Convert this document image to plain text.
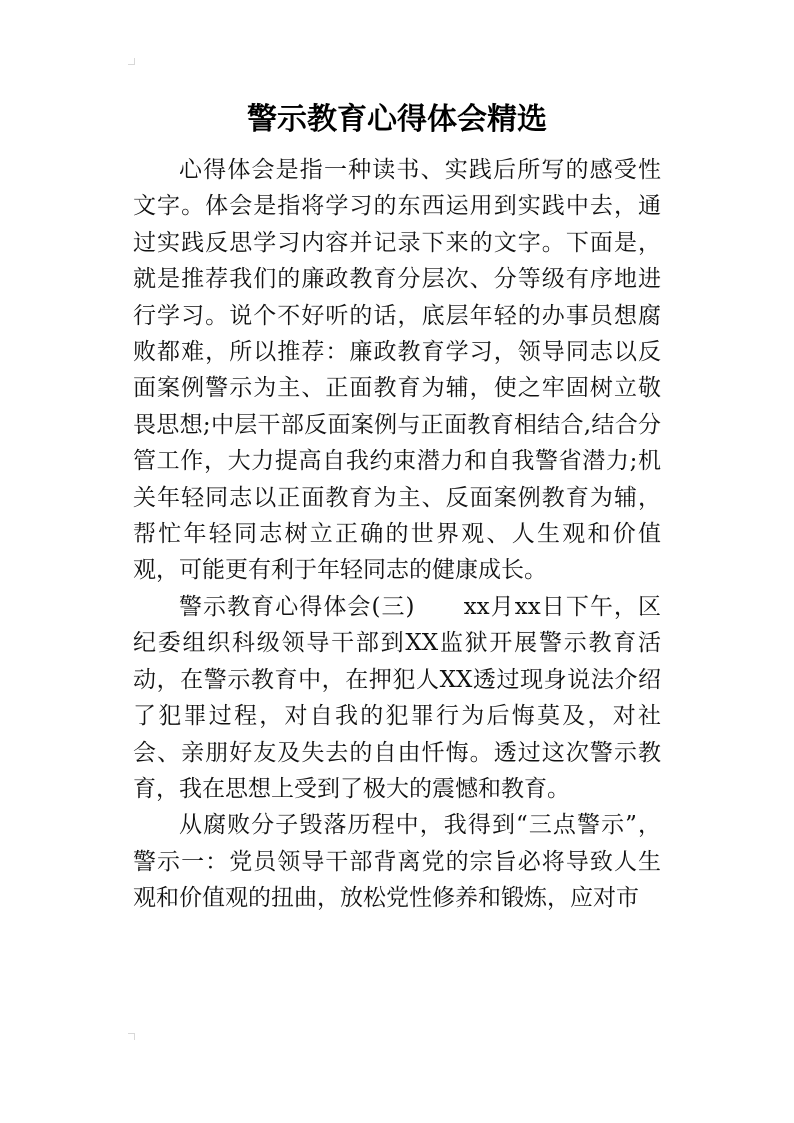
警示教育心得体会精选

心得体会是指一种读书、实践后所写的感受性文字。体会是指将学习的东西运用到实践中去，通过实践反思学习内容并记录下来的文字。下面是，就是推荐我们的廉政教育分层次、分等级有序地进行学习。说个不好听的话，底层年轻的办事员想腐败都难，所以推荐：廉政教育学习，领导同志以反面案例警示为主、正面教育为辅，使之牢固树立敬畏思想;中层干部反面案例与正面教育相结合,结合分管工作，大力提高自我约束潜力和自我警省潜力;机关年轻同志以正面教育为主、反面案例教育为辅，帮忙年轻同志树立正确的世界观、人生观和价值观，可能更有利于年轻同志的健康成长。

警示教育心得体会(三)　　xx月xx日下午，区纪委组织科级领导干部到XX监狱开展警示教育活动，在警示教育中，在押犯人XX透过现身说法介绍了犯罪过程，对自我的犯罪行为后悔莫及，对社会、亲朋好友及失去的自由忏悔。透过这次警示教育，我在思想上受到了极大的震憾和教育。

从腐败分子毁落历程中，我得到“三点警示”，警示一：党员领导干部背离党的宗旨必将导致人生观和价值观的扭曲，放松党性修养和锻炼，应对市
